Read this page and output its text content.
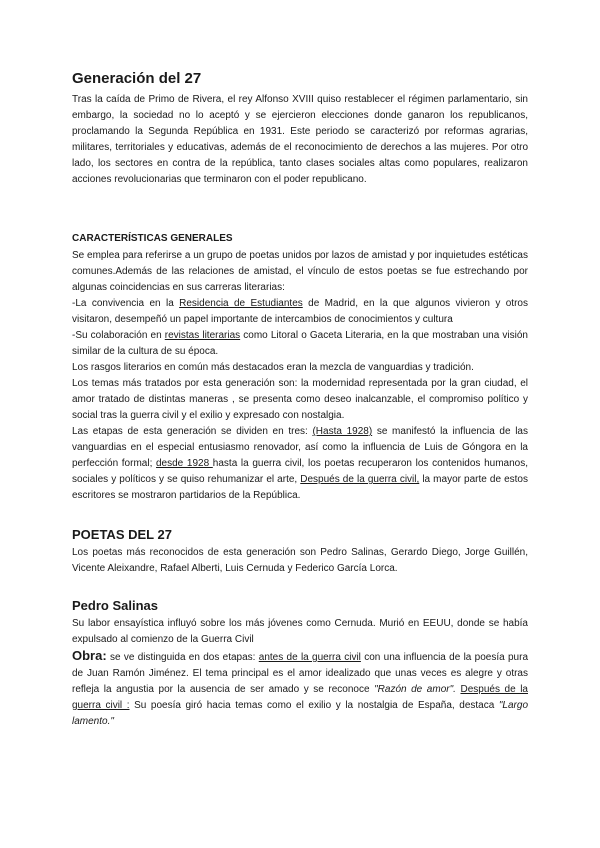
Generación del 27

Tras la caída de Primo de Rivera, el rey Alfonso XVIII quiso restablecer el régimen parlamentario, sin embargo, la sociedad no lo aceptó y se ejercieron elecciones donde ganaron los republicanos, proclamando la Segunda República en 1931. Este periodo se caracterizó por reformas agrarias, militares, territoriales y educativas, además de el reconocimiento de derechos a las mujeres. Por otro lado, los sectores en contra de la república, tanto clases sociales altas como populares, realizaron acciones revolucionarias que terminaron con el poder republicano.

CARACTERÍSTICAS GENERALES

Se emplea para referirse a un grupo de poetas unidos por lazos de amistad y por inquietudes estéticas comunes.Además de las relaciones de amistad, el vínculo de estos poetas se fue estrechando por algunas coincidencias en sus carreras literarias:

-La convivencia en la Residencia de Estudiantes de Madrid, en la que algunos vivieron y otros visitaron, desempeñó un papel importante de intercambios de conocimientos y cultura

-Su colaboración en revistas literarias como Litoral o Gaceta Literaria, en la que mostraban una visión similar de la cultura de su época.

Los rasgos literarios en común más destacados eran la mezcla de vanguardias y tradición.

Los temas más tratados por esta generación son: la modernidad representada por la gran ciudad, el amor tratado de distintas maneras , se presenta como deseo inalcanzable, el compromiso político y social tras la guerra civil y el exilio y expresado con nostalgia.

Las etapas de esta generación se dividen en tres: (Hasta 1928) se manifestó la influencia de las vanguardias en el especial entusiasmo renovador, así como la influencia de Luis de Góngora en la perfección formal; desde 1928 hasta la guerra civil, los poetas recuperaron los contenidos humanos, sociales y políticos y se quiso rehumanizar el arte, Después de la guerra civil, la mayor parte de estos escritores se mostraron partidarios de la República.

POETAS DEL 27

Los poetas más reconocidos de esta generación son Pedro Salinas, Gerardo Diego, Jorge Guillén, Vicente Aleixandre, Rafael Alberti, Luis Cernuda y Federico García Lorca.

Pedro Salinas

Su labor ensayística influyó sobre los más jóvenes como Cernuda. Murió en EEUU, donde se había expulsado al comienzo de la Guerra Civil

Obra: se ve distinguida en dos etapas: antes de la guerra civil con una influencia de la poesía pura de Juan Ramón Jiménez. El tema principal es el amor idealizado que unas veces es alegre y otras refleja la angustia por la ausencia de ser amado y se reconoce "Razón de amor". Después de la guerra civil : Su poesía giró hacia temas como el exilio y la nostalgia de España, destaca "Largo lamento."
